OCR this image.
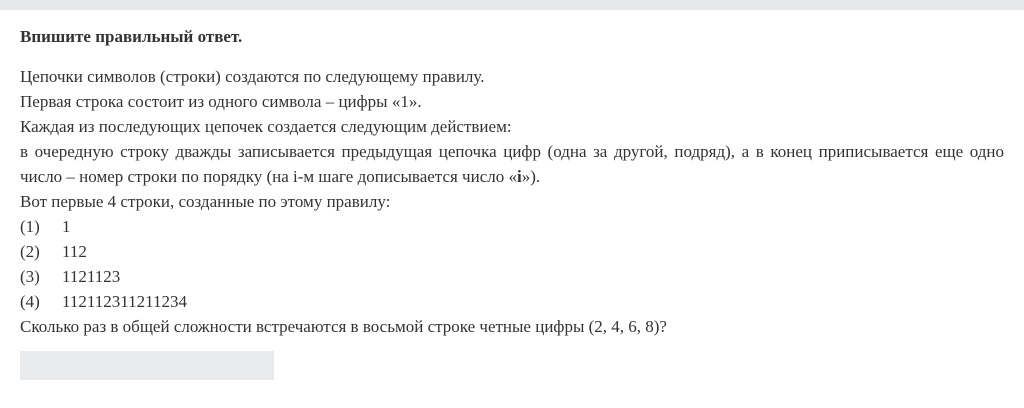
Впишите правильный ответ.

Цепочки символов (строки) создаются по следующему правилу.
Первая строка состоит из одного символа – цифры «1».
Каждая из последующих цепочек создается следующим действием:
в очередную строку дважды записывается предыдущая цепочка цифр (одна за другой, подряд), а в конец приписывается еще одно число – номер строки по порядку (на i-м шаге дописывается число «i»).
Вот первые 4 строки, созданные по этому правилу:

(1) 1
(2) 112
(3) 1121123
(4) 112112311211234

Сколько раз в общей сложности встречаются в восьмой строке четные цифры (2, 4, 6, 8)?
